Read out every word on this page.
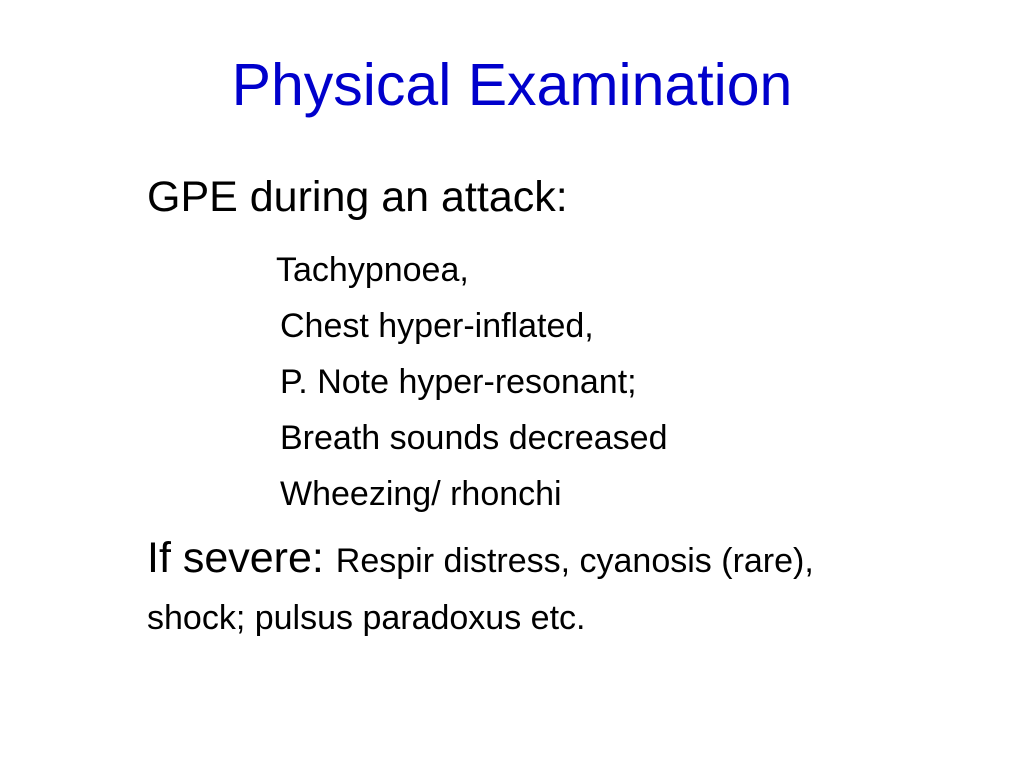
Physical Examination
GPE during an attack:
Tachypnoea,
Chest hyper-inflated,
P. Note hyper-resonant;
Breath sounds decreased
Wheezing/ rhonchi
If severe: Respir distress, cyanosis (rare),
shock; pulsus paradoxus etc.
